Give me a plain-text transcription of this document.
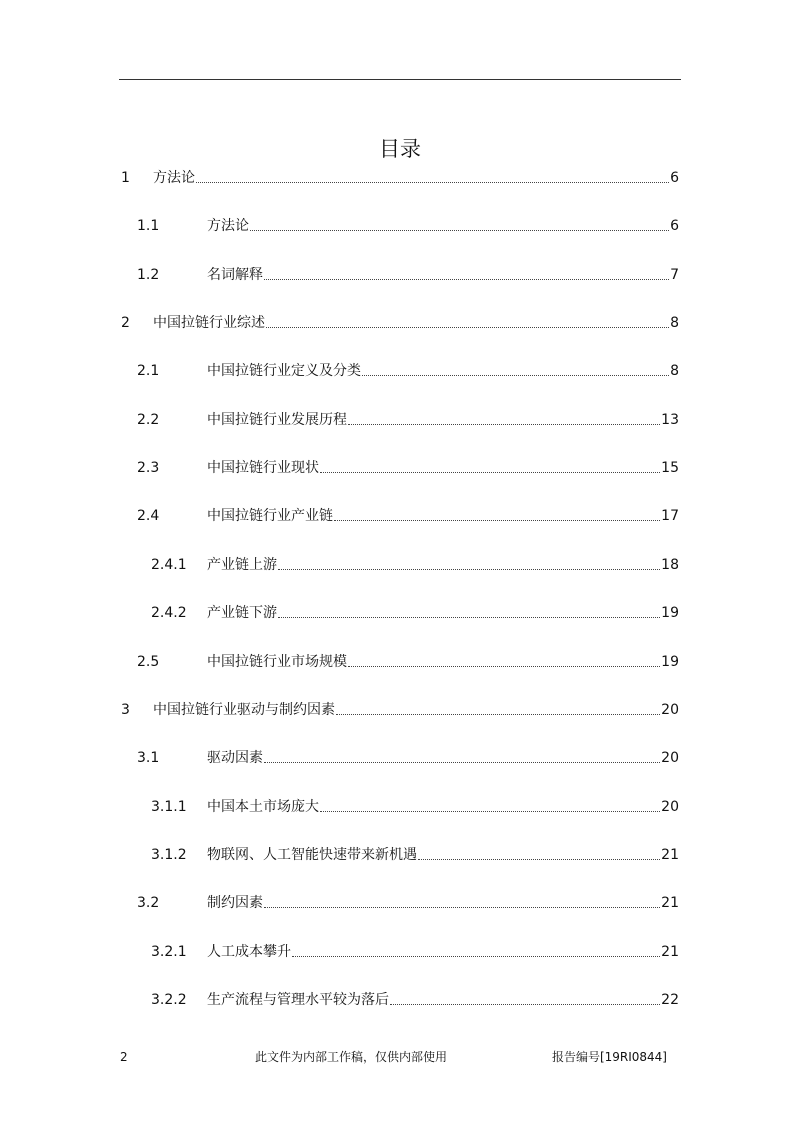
目录
1	方法论	6
1.1	方法论	6
1.2	名词解释	7
2	中国拉链行业综述	8
2.1	中国拉链行业定义及分类	8
2.2	中国拉链行业发展历程	13
2.3	中国拉链行业现状	15
2.4	中国拉链行业产业链	17
2.4.1	产业链上游	18
2.4.2	产业链下游	19
2.5	中国拉链行业市场规模	19
3	中国拉链行业驱动与制约因素	20
3.1	驱动因素	20
3.1.1	中国本土市场庞大	20
3.1.2	物联网、人工智能快速带来新机遇	21
3.2	制约因素	21
3.2.1	人工成本攀升	21
3.2.2	生产流程与管理水平较为落后	22
2	此文件为内部工作稿，仅供内部使用	报告编号[19RI0844]
